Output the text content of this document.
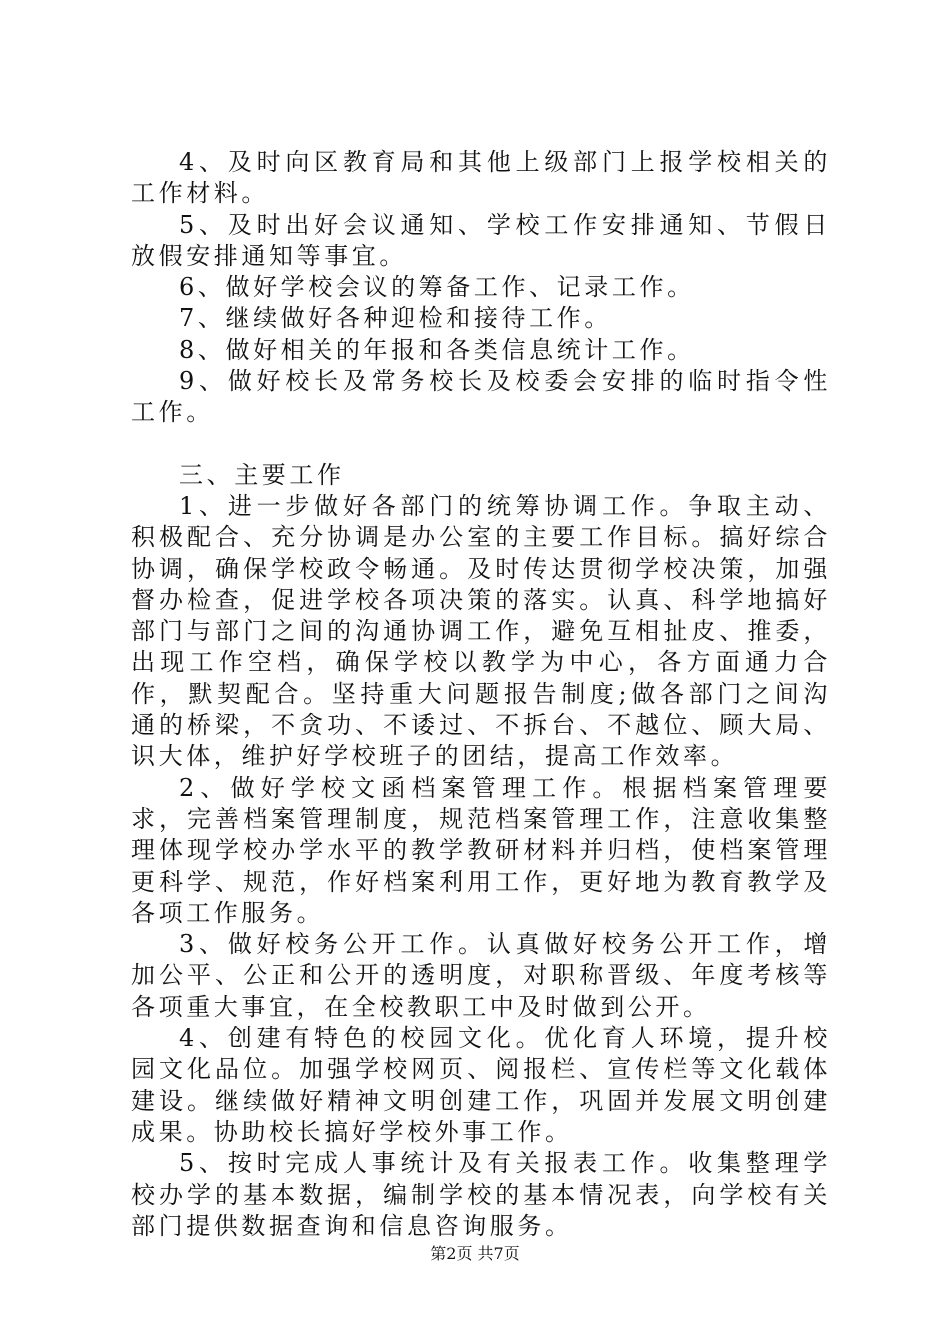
4、及时向区教育局和其他上级部门上报学校相关的工作材料。

5、及时出好会议通知、学校工作安排通知、节假日放假安排通知等事宜。

6、做好学校会议的筹备工作、记录工作。

7、继续做好各种迎检和接待工作。

8、做好相关的年报和各类信息统计工作。

9、做好校长及常务校长及校委会安排的临时指令性工作。

三、主要工作

1、进一步做好各部门的统筹协调工作。争取主动、积极配合、充分协调是办公室的主要工作目标。搞好综合协调，确保学校政令畅通。及时传达贯彻学校决策，加强督办检查，促进学校各项决策的落实。认真、科学地搞好部门与部门之间的沟通协调工作，避免互相扯皮、推委，出现工作空档，确保学校以教学为中心，各方面通力合作，默契配合。坚持重大问题报告制度;做各部门之间沟通的桥梁，不贪功、不诿过、不拆台、不越位、顾大局、识大体，维护好学校班子的团结，提高工作效率。

2、做好学校文函档案管理工作。根据档案管理要求，完善档案管理制度，规范档案管理工作，注意收集整理体现学校办学水平的教学教研材料并归档，使档案管理更科学、规范，作好档案利用工作，更好地为教育教学及各项工作服务。

3、做好校务公开工作。认真做好校务公开工作，增加公平、公正和公开的透明度，对职称晋级、年度考核等各项重大事宜，在全校教职工中及时做到公开。

4、创建有特色的校园文化。优化育人环境，提升校园文化品位。加强学校网页、阅报栏、宣传栏等文化载体建设。继续做好精神文明创建工作，巩固并发展文明创建成果。协助校长搞好学校外事工作。

5、按时完成人事统计及有关报表工作。收集整理学校办学的基本数据，编制学校的基本情况表，向学校有关部门提供数据查询和信息咨询服务。

第2页 共7页
